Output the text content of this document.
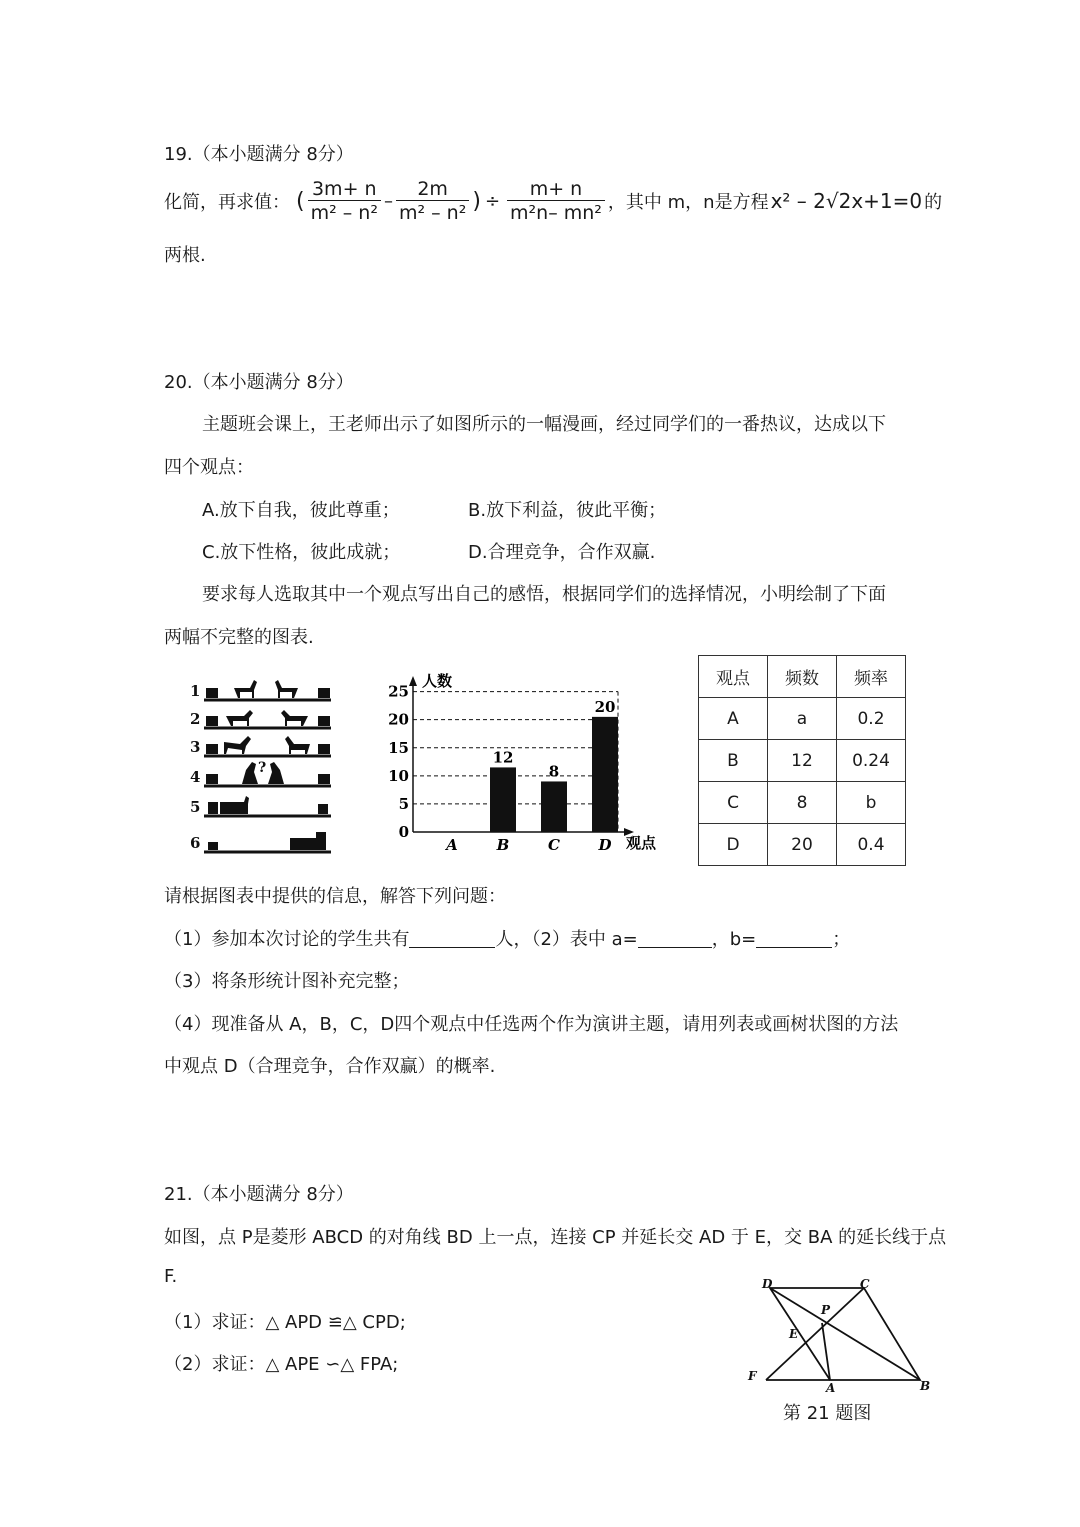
19.（本小题满分 8分）
化简，再求值： ( $\frac{3m+ n}{\text{m² – n²}} - \frac{2m}{\text{m² – n²}}$ ) ÷ $\frac{m+ n}{\text{m²n– mn²}}$ ，其中 m，n是方程 x² – 2√2x+1=0 的
两根.
20.（本小题满分 8分）
主题班会课上，王老师出示了如图所示的一幅漫画，经过同学们的一番热议，达成以下
四个观点：
A.放下自我，彼此尊重；	B.放下利益，彼此平衡；
C.放下性格，彼此成就；	D.合理竞争，合作双赢.
要求每人选取其中一个观点写出自己的感悟，根据同学们的选择情况，小明绘制了下面
两幅不完整的图表.
1
2
3
4
5
6
?
人数
观点
0
5
10
15
20
25
A	B	C	D
12
8
20
观点	频数	频率
A	a	0.2
B	12	0.24
C	8	b
D	20	0.4
请根据图表中提供的信息，解答下列问题：
（1）参加本次讨论的学生共有	人，（2）表中 a=	，b=	；
（3）将条形统计图补充完整；
（4）现准备从 A，B，C，D四个观点中任选两个作为演讲主题，请用列表或画树状图的方法
中观点 D（合理竞争，合作双赢）的概率.
21.（本小题满分 8分）
如图，点 P是菱形 ABCD 的对角线 BD 上一点，连接 CP 并延长交 AD 于 E，交 BA 的延长线于点
F.
（1）求证：△ APD ≌△ CPD;
（2）求证：△ APE ∽△ FPA;
D	C
P
E
F
A	B
第 21 题图
